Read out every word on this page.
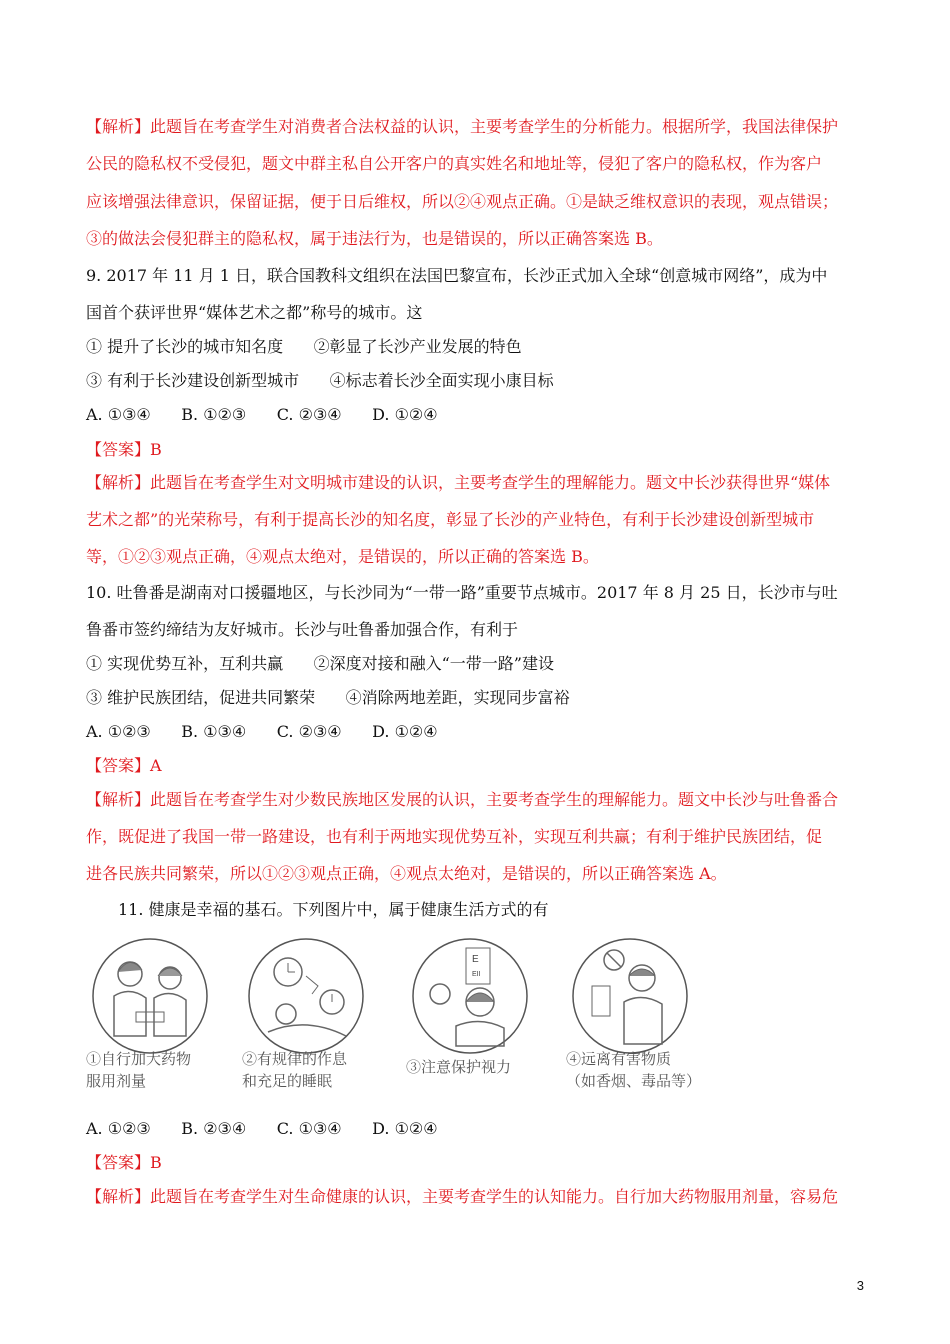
【解析】此题旨在考查学生对消费者合法权益的认识，主要考查学生的分析能力。根据所学，我国法律保护
公民的隐私权不受侵犯，题文中群主私自公开客户的真实姓名和地址等，侵犯了客户的隐私权，作为客户
应该增强法律意识，保留证据，便于日后维权，所以②④观点正确。①是缺乏维权意识的表现，观点错误；
③的做法会侵犯群主的隐私权，属于违法行为，也是错误的，所以正确答案选 B。
9. 2017 年 11 月 1 日，联合国教科文组织在法国巴黎宣布，长沙正式加入全球“创意城市网络”，成为中
国首个获评世界“媒体艺术之都”称号的城市。这
① 提升了长沙的城市知名度      ②彰显了长沙产业发展的特色
③ 有利于长沙建设创新型城市      ④标志着长沙全面实现小康目标
A. ①③④      B. ①②③      C. ②③④      D. ①②④
【答案】B
【解析】此题旨在考查学生对文明城市建设的认识，主要考查学生的理解能力。题文中长沙获得世界“媒体
艺术之都”的光荣称号，有利于提高长沙的知名度，彰显了长沙的产业特色，有利于长沙建设创新型城市
等，①②③观点正确，④观点太绝对，是错误的，所以正确的答案选 B。
10. 吐鲁番是湖南对口援疆地区，与长沙同为“一带一路”重要节点城市。2017 年 8 月 25 日，长沙市与吐
鲁番市签约缔结为友好城市。长沙与吐鲁番加强合作，有利于
① 实现优势互补，互利共赢      ②深度对接和融入“一带一路”建设
③ 维护民族团结，促进共同繁荣      ④消除两地差距，实现同步富裕
A. ①②③      B. ①③④      C. ②③④      D. ①②④
【答案】A
【解析】此题旨在考查学生对少数民族地区发展的认识，主要考查学生的理解能力。题文中长沙与吐鲁番合
作，既促进了我国一带一路建设，也有利于两地实现优势互补，实现互利共赢；有利于维护民族团结，促
进各民族共同繁荣，所以①②③观点正确，④观点太绝对，是错误的，所以正确答案选 A。
11. 健康是幸福的基石。下列图片中，属于健康生活方式的有
①自行加大药物
服用剂量
②有规律的作息
和充足的睡眠
E
EII
③注意保护视力	④远离有害物质
（如香烟、毒品等）
A. ①②③      B. ②③④      C. ①③④      D. ①②④
【答案】B
【解析】此题旨在考查学生对生命健康的认识，主要考查学生的认知能力。自行加大药物服用剂量，容易危
3
